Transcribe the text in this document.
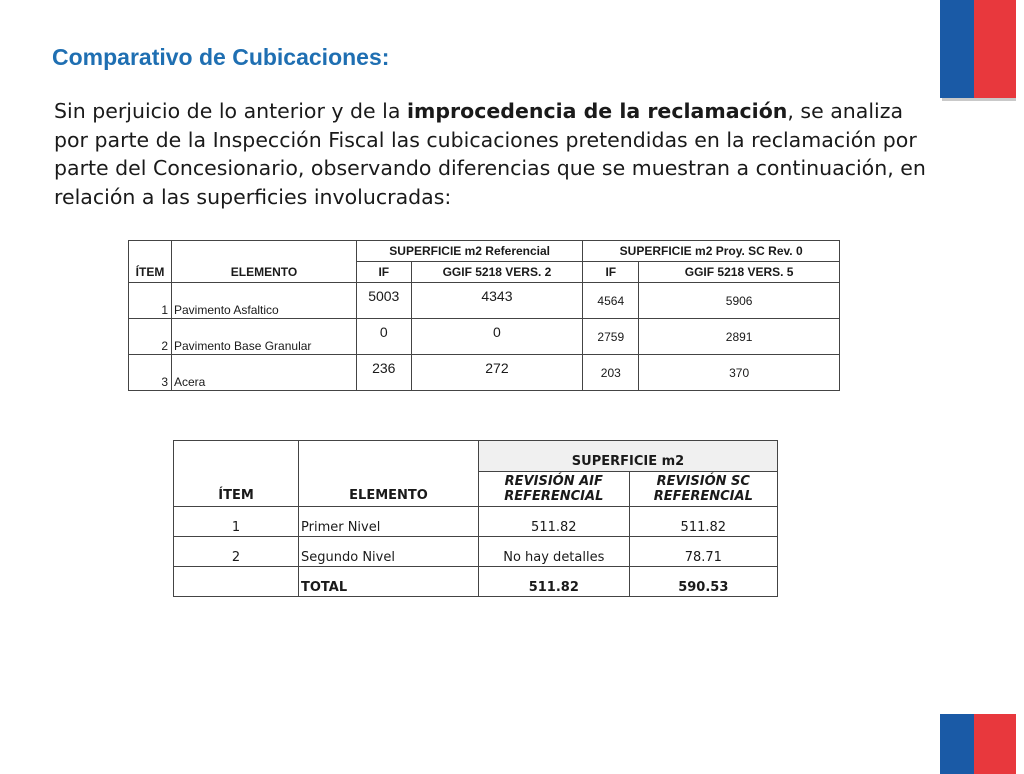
Comparativo de Cubicaciones:

Sin perjuicio de lo anterior y de la improcedencia de la reclamación, se analiza por parte de la Inspección Fiscal las cubicaciones pretendidas en la reclamación por parte del Concesionario, observando diferencias que se muestran a continuación, en relación a las superficies involucradas:

ÍTEM	ELEMENTO	SUPERFICIE m2 Referencial		SUPERFICIE m2 Proy. SC Rev. 0	
		IF	GGIF 5218 VERS. 2	IF	GGIF 5218 VERS. 5
1	Pavimento Asfaltico	5003	4343	4564	5906
2	Pavimento Base Granular	0	0	2759	2891
3	Acera	236	272	203	370
ÍTEM	ELEMENTO	SUPERFICIE m2	
		REVISIÓN AIF REFERENCIAL	REVISIÓN SC REFERENCIAL
1	Primer Nivel	511.82	511.82
2	Segundo Nivel	No hay detalles	78.71
	TOTAL	511.82	590.53
